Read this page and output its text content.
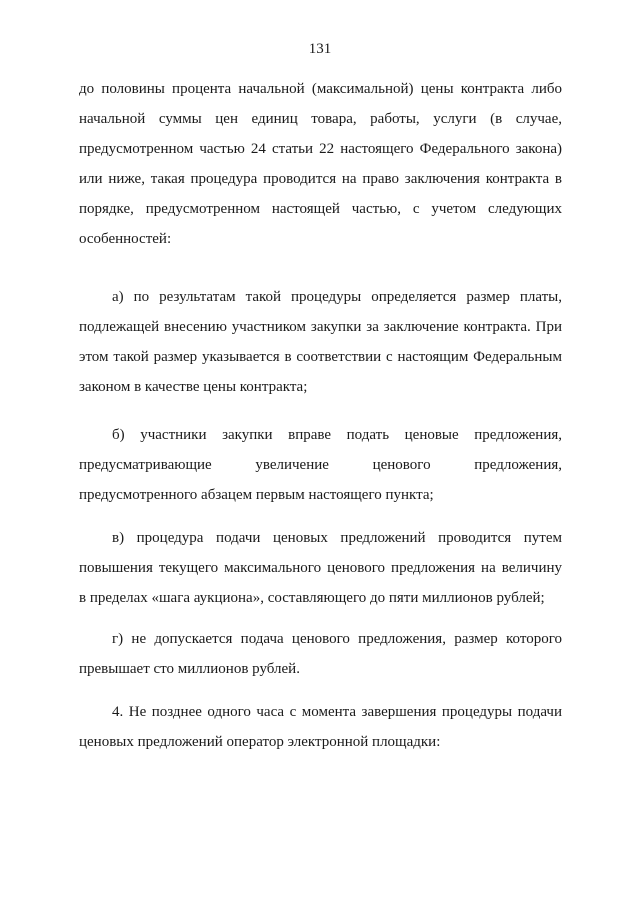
131
до половины процента начальной (максимальной) цены контракта либо
начальной суммы цен единиц товара, работы, услуги (в случае,
предусмотренном частью 24 статьи 22 настоящего Федерального закона)
или ниже, такая процедура проводится на право заключения контракта в
порядке, предусмотренном настоящей частью, с учетом следующих
особенностей:
а) по результатам такой процедуры определяется размер платы,
подлежащей внесению участником закупки за заключение контракта. При
этом такой размер указывается в соответствии с настоящим Федеральным
законом в качестве цены контракта;
б) участники закупки вправе подать ценовые предложения,
предусматривающие увеличение ценового предложения,
предусмотренного абзацем первым настоящего пункта;
в) процедура подачи ценовых предложений проводится путем
повышения текущего максимального ценового предложения на величину
в пределах «шага аукциона», составляющего до пяти миллионов рублей;
г) не допускается подача ценового предложения, размер которого
превышает сто миллионов рублей.
4. Не позднее одного часа с момента завершения процедуры подачи
ценовых предложений оператор электронной площадки:
